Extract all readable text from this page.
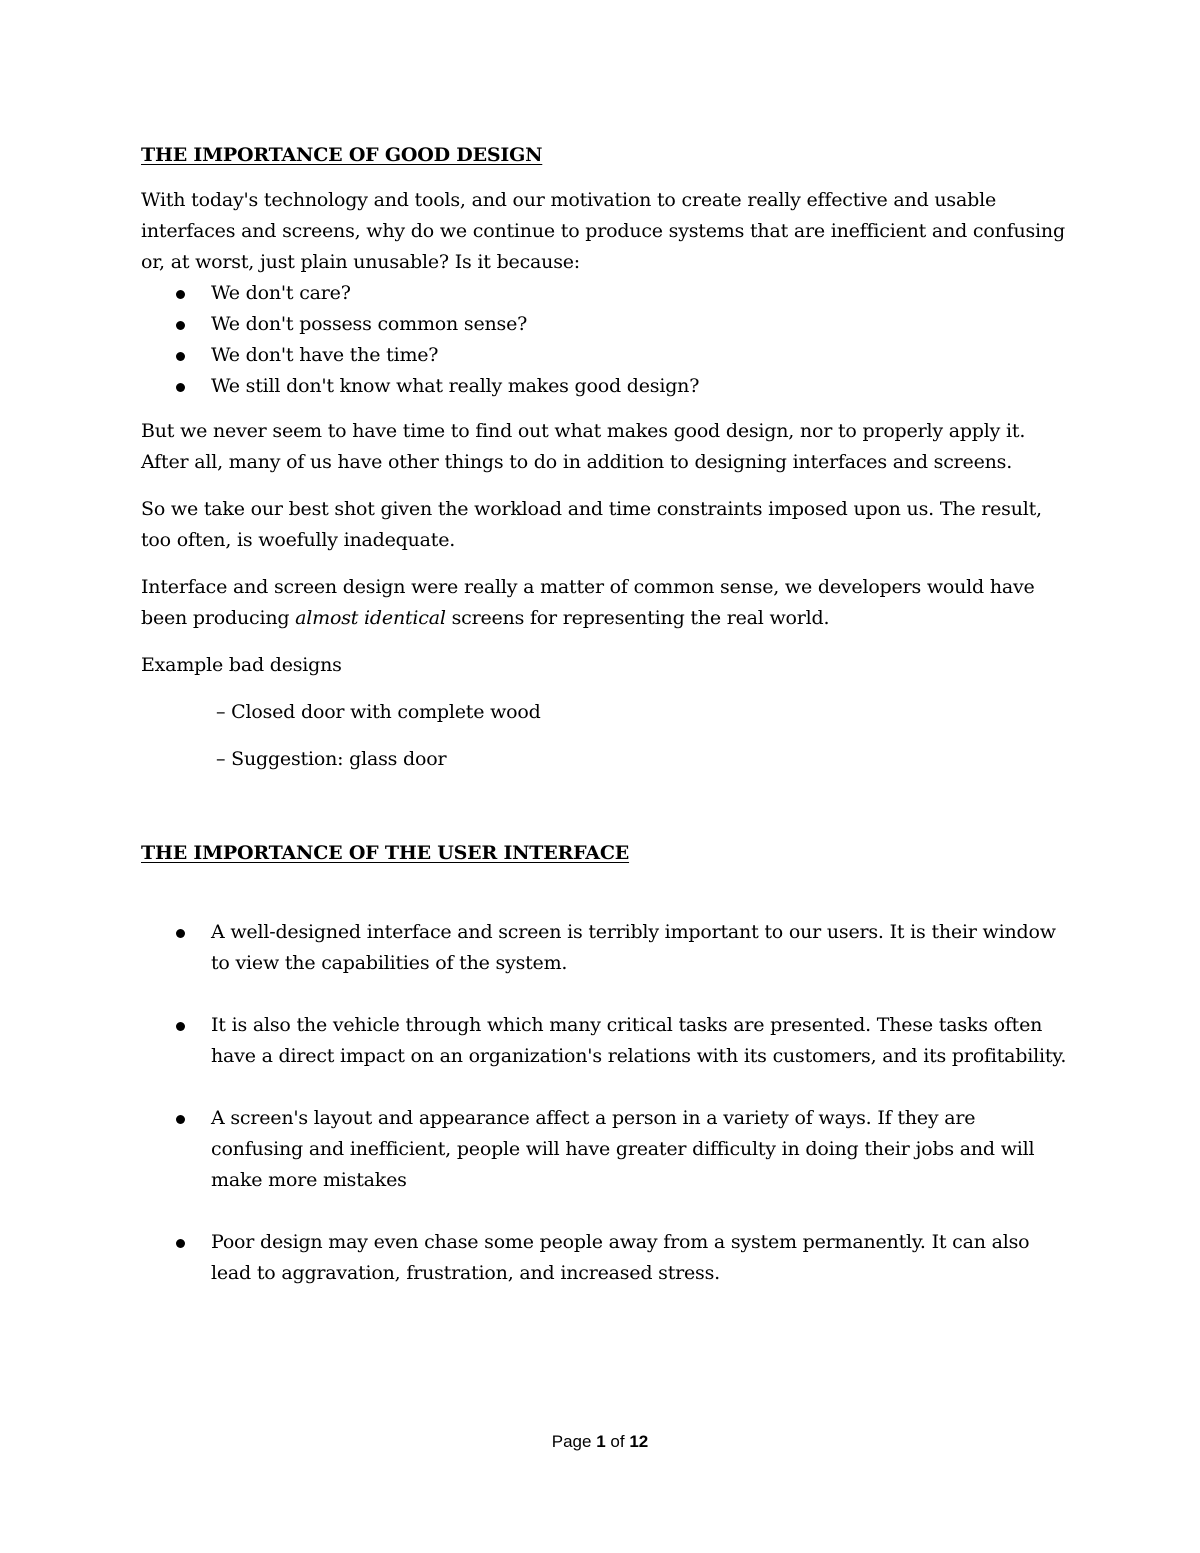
THE IMPORTANCE OF GOOD DESIGN

With today's technology and tools, and our motivation to create really effective and usable interfaces and screens, why do we continue to produce systems that are inefficient and confusing or, at worst, just plain unusable? Is it because:

We don't care?
We don't possess common sense?
We don't have the time?
We still don't know what really makes good design?

But we never seem to have time to find out what makes good design, nor to properly apply it. After all, many of us have other things to do in addition to designing interfaces and screens.

So we take our best shot given the workload and time constraints imposed upon us. The result, too often, is woefully inadequate.

Interface and screen design were really a matter of common sense, we developers would have been producing almost identical screens for representing the real world.

Example bad designs

– Closed door with complete wood

– Suggestion: glass door

THE IMPORTANCE OF THE USER INTERFACE
A well-designed interface and screen is terribly important to our users. It is their window to view the capabilities of the system.
It is also the vehicle through which many critical tasks are presented. These tasks often have a direct impact on an organization's relations with its customers, and its profitability.
A screen's layout and appearance affect a person in a variety of ways. If they are confusing and inefficient, people will have greater difficulty in doing their jobs and will make more mistakes
Poor design may even chase some people away from a system permanently. It can also lead to aggravation, frustration, and increased stress.
Page 1 of 12
